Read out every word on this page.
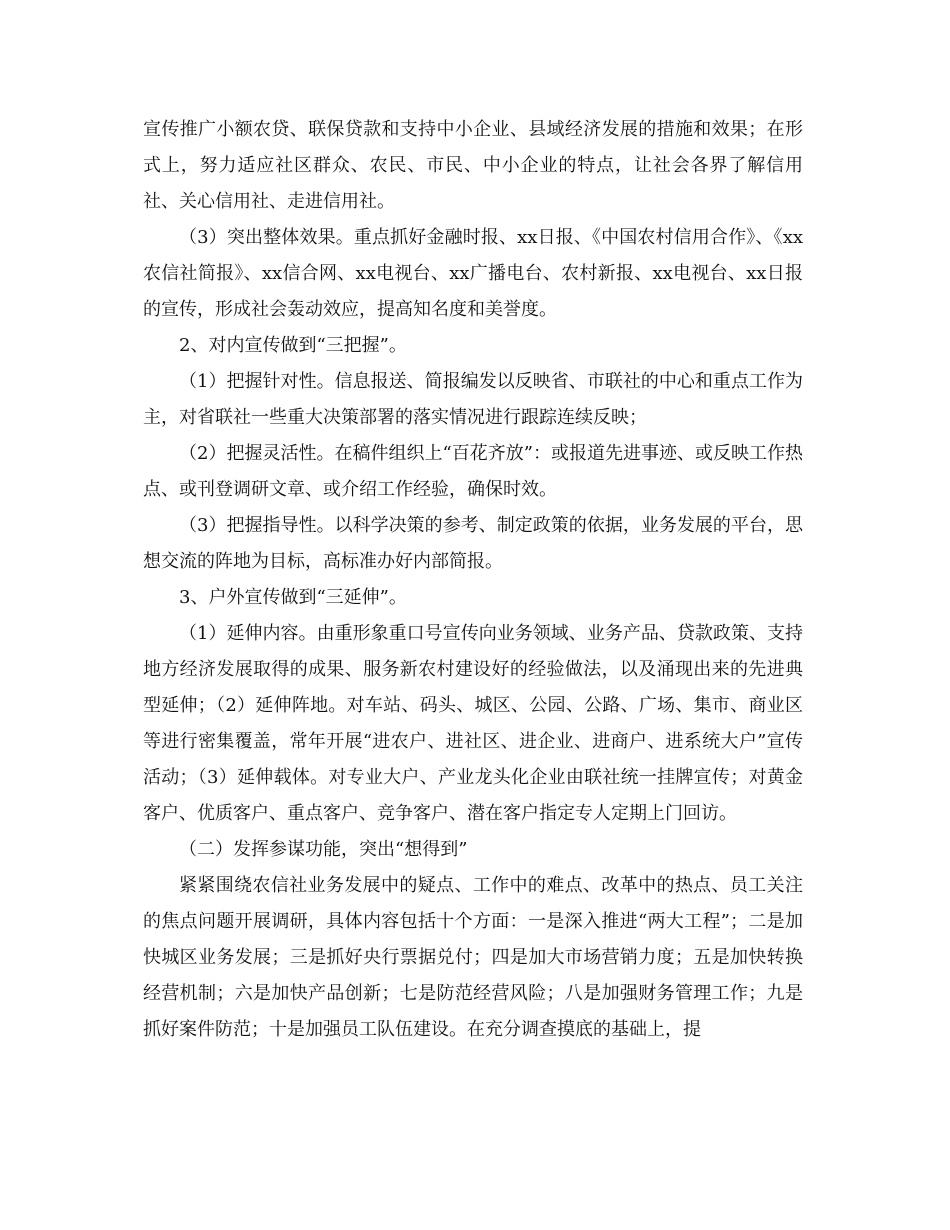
宣传推广小额农贷、联保贷款和支持中小企业、县域经济发展的措施和效果；在形式上，努力适应社区群众、农民、市民、中小企业的特点，让社会各界了解信用社、关心信用社、走进信用社。

（3）突出整体效果。重点抓好金融时报、xx日报、《中国农村信用合作》、《xx农信社简报》、xx信合网、xx电视台、xx广播电台、农村新报、xx电视台、xx日报的宣传，形成社会轰动效应，提高知名度和美誉度。

2、对内宣传做到“三把握”。

（1）把握针对性。信息报送、简报编发以反映省、市联社的中心和重点工作为主，对省联社一些重大决策部署的落实情况进行跟踪连续反映；

（2）把握灵活性。在稿件组织上“百花齐放”：或报道先进事迹、或反映工作热点、或刊登调研文章、或介绍工作经验，确保时效。

（3）把握指导性。以科学决策的参考、制定政策的依据，业务发展的平台，思想交流的阵地为目标，高标准办好内部简报。

3、户外宣传做到“三延伸”。

（1）延伸内容。由重形象重口号宣传向业务领域、业务产品、贷款政策、支持地方经济发展取得的成果、服务新农村建设好的经验做法，以及涌现出来的先进典型延伸；（2）延伸阵地。对车站、码头、城区、公园、公路、广场、集市、商业区等进行密集覆盖，常年开展“进农户、进社区、进企业、进商户、进系统大户”宣传活动；（3）延伸载体。对专业大户、产业龙头化企业由联社统一挂牌宣传；对黄金客户、优质客户、重点客户、竞争客户、潜在客户指定专人定期上门回访。

（二）发挥参谋功能，突出“想得到”

紧紧围绕农信社业务发展中的疑点、工作中的难点、改革中的热点、员工关注的焦点问题开展调研，具体内容包括十个方面：一是深入推进“两大工程”；二是加快城区业务发展；三是抓好央行票据兑付；四是加大市场营销力度；五是加快转换经营机制；六是加快产品创新；七是防范经营风险；八是加强财务管理工作；九是抓好案件防范；十是加强员工队伍建设。在充分调查摸底的基础上，提
